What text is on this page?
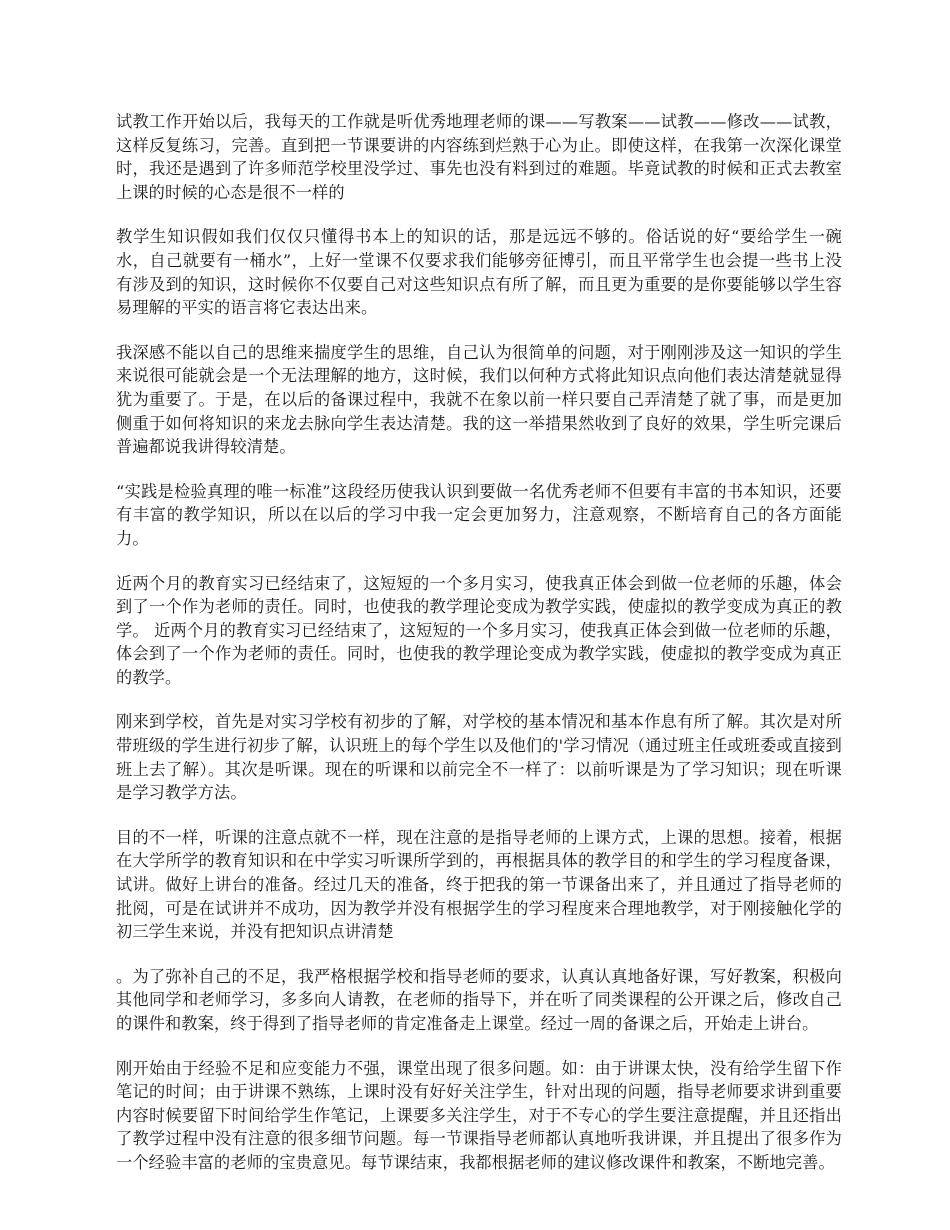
试教工作开始以后，我每天的工作就是听优秀地理老师的课——写教案——试教——修改——试教，这样反复练习，完善。直到把一节课要讲的内容练到烂熟于心为止。即使这样，在我第一次深化课堂时，我还是遇到了许多师范学校里没学过、事先也没有料到过的难题。毕竟试教的时候和正式去教室上课的时候的心态是很不一样的

教学生知识假如我们仅仅只懂得书本上的知识的话，那是远远不够的。俗话说的好“要给学生一碗水，自己就要有一桶水”，上好一堂课不仅要求我们能够旁征博引，而且平常学生也会提一些书上没有涉及到的知识，这时候你不仅要自己对这些知识点有所了解，而且更为重要的是你要能够以学生容易理解的平实的语言将它表达出来。

我深感不能以自己的思维来揣度学生的思维，自己认为很简单的问题，对于刚刚涉及这一知识的学生来说很可能就会是一个无法理解的地方，这时候，我们以何种方式将此知识点向他们表达清楚就显得犹为重要了。于是，在以后的备课过程中，我就不在象以前一样只要自己弄清楚了就了事，而是更加侧重于如何将知识的来龙去脉向学生表达清楚。我的这一举措果然收到了良好的效果，学生听完课后普遍都说我讲得较清楚。

“实践是检验真理的唯一标准”这段经历使我认识到要做一名优秀老师不但要有丰富的书本知识，还要有丰富的教学知识，所以在以后的学习中我一定会更加努力，注意观察，不断培育自己的各方面能力。

近两个月的教育实习已经结束了，这短短的一个多月实习，使我真正体会到做一位老师的乐趣，体会到了一个作为老师的责任。同时，也使我的教学理论变成为教学实践，使虚拟的教学变成为真正的教学。 近两个月的教育实习已经结束了，这短短的一个多月实习，使我真正体会到做一位老师的乐趣，体会到了一个作为老师的责任。同时，也使我的教学理论变成为教学实践，使虚拟的教学变成为真正的教学。

刚来到学校，首先是对实习学校有初步的了解，对学校的基本情况和基本作息有所了解。其次是对所带班级的学生进行初步了解，认识班上的每个学生以及他们的'学习情况（通过班主任或班委或直接到班上去了解）。其次是听课。现在的听课和以前完全不一样了：以前听课是为了学习知识；现在听课是学习教学方法。

目的不一样，听课的注意点就不一样，现在注意的是指导老师的上课方式，上课的思想。接着，根据在大学所学的教育知识和在中学实习听课所学到的，再根据具体的教学目的和学生的学习程度备课，试讲。做好上讲台的准备。经过几天的准备，终于把我的第一节课备出来了，并且通过了指导老师的批阅，可是在试讲并不成功，因为教学并没有根据学生的学习程度来合理地教学，对于刚接触化学的初三学生来说，并没有把知识点讲清楚

。为了弥补自己的不足，我严格根据学校和指导老师的要求，认真认真地备好课，写好教案，积极向其他同学和老师学习，多多向人请教，在老师的指导下，并在听了同类课程的公开课之后，修改自己的课件和教案，终于得到了指导老师的肯定准备走上课堂。经过一周的备课之后，开始走上讲台。

刚开始由于经验不足和应变能力不强，课堂出现了很多问题。如：由于讲课太快，没有给学生留下作笔记的时间；由于讲课不熟练，上课时没有好好关注学生，针对出现的问题，指导老师要求讲到重要内容时候要留下时间给学生作笔记，上课要多关注学生，对于不专心的学生要注意提醒，并且还指出了教学过程中没有注意的很多细节问题。每一节课指导老师都认真地听我讲课，并且提出了很多作为一个经验丰富的老师的宝贵意见。每节课结束，我都根据老师的建议修改课件和教案，不断地完善。
